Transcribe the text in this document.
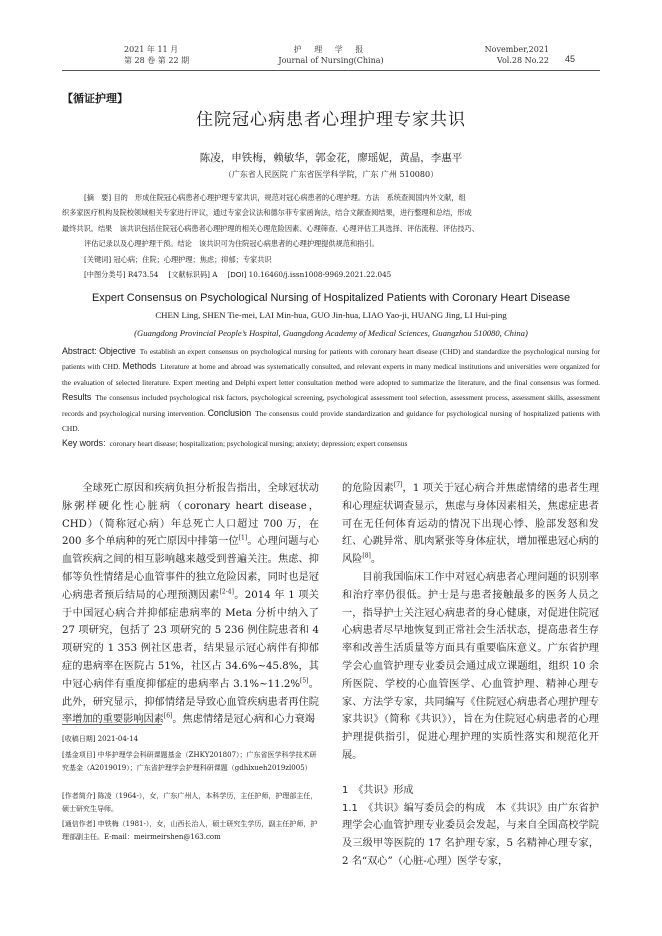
2021 年 11 月
第 28 卷 第 22 期
护 理 学 报
Journal of Nursing(China)
November,2021
Vol.28 No.22 45
【循证护理】
住院冠心病患者心理护理专家共识
陈凌，申铁梅，赖敏华，郭金花，廖瑶妮，黄晶，李惠平
（广东省人民医院 广东省医学科学院，广东 广州 510080）
[摘　要] 目的　形成住院冠心病患者心理护理专家共识，规范对冠心病患者的心理护理。方法　系统查阅国内外文献，组
织多家医疗机构及院校领域相关专家进行评议，通过专家会议法和德尔菲专家函询法，结合文献查阅结果，进行整理和总结，形成
最终共识。结果　该共识包括住院冠心病患者心理护理的相关心理危险因素、心理筛查、心理评估工具选择、评估流程、评估技巧、
评估记录以及心理护理干预。结论　该共识可为住院冠心病患者的心理护理提供规范和指引。
[关键词] 冠心病；住院；心理护理；焦虑；抑郁；专家共识
[中图分类号] R473.54 [文献标识码] A [DOI] 10.16460/j.issn1008-9969.2021.22.045
Expert Consensus on Psychological Nursing of Hospitalized Patients with Coronary Heart Disease
CHEN Ling, SHEN Tie-mei, LAI Min-hua, GUO Jin-hua, LIAO Yao-ji, HUANG Jing, LI Hui-ping
(Guangdong Provincial People’s Hospital, Guangdong Academy of Medical Sciences, Guangzhou 510080, China)
Abstract: Objective To establish an expert consensus on psychological nursing for patients with coronary heart disease (CHD) and standardize the psychological nursing for patients with CHD. Methods Literature at home and abroad was systematically consulted, and relevant experts in many medical institutions and universities were organized for the evaluation of selected literature. Expert meeting and Delphi expert letter consultation method were adopted to summarize the literature, and the final consensus was formed. Results The consensus included psychological risk factors, psychological screening, psychological assessment tool selection, assessment process, assessment skills, assessment records and psychological nursing intervention. Conclusion The consensus could provide standardization and guidance for psychological nursing of hospitalized patients with CHD.
Key words: coronary heart disease; hospitalization; psychological nursing; anxiety; depression; expert consensus

全球死亡原因和疾病负担分析报告指出，全球冠状动脉粥样硬化性心脏病（coronary heart disease，CHD）（简称冠心病）年总死亡人口超过 700 万，在 200 多个单病种的死亡原因中排第一位[1]。心理问题与心血管疾病之间的相互影响越来越受到普遍关注。焦虑、抑郁等负性情绪是心血管事件的独立危险因素，同时也是冠心病患者预后结局的心理预测因素[2-4]。2014 年 1 项关于中国冠心病合并抑郁症患病率的 Meta 分析中纳入了 27 项研究，包括了 23 项研究的 5 236 例住院患者和 4 项研究的 1 353 例社区患者，结果显示冠心病伴有抑郁症的患病率在医院占 51%，社区占 34.6%~45.8%，其中冠心病伴有重度抑郁症的患病率占 3.1%~11.2%[5]。此外，研究显示，抑郁情绪是导致心血管疾病患者再住院率增加的重要影响因素[6]。焦虑情绪是冠心病和心力衰竭

[收稿日期] 2021-04-14
[基金项目] 中华护理学会科研课题基金（ZHKY201807）；广东省医学科学技术研究基金（A2019019）；广东省护理学会护理科研课题（gdhlxueh2019zl005）
[作者简介] 陈凌（1964-），女，广东广州人，本科学历，主任护师，护理部主任，硕士研究生导师。
[通信作者] 申铁梅（1981-），女，山西长治人，硕士研究生学历，副主任护师，护理部副主任。E-mail：meirmeirshen@163.com

的危险因素[7]，1 项关于冠心病合并焦虑情绪的患者生理和心理症状调查显示，焦虑与身体因素相关，焦虑症患者可在无任何体育运动的情况下出现心悸、脸部发怒和发红、心跳异常、肌肉紧张等身体症状，增加罹患冠心病的风险[8]。

目前我国临床工作中对冠心病患者心理问题的识别率和治疗率仍很低。护士是与患者接触最多的医务人员之一，指导护士关注冠心病患者的身心健康，对促进住院冠心病患者尽早地恢复到正常社会生活状态，提高患者生存率和改善生活质量等方面具有重要临床意义。广东省护理学会心血管护理专业委员会通过成立课题组，组织 10 余所医院、学校的心血管医学、心血管护理、精神心理专家、方法学专家，共同编写《住院冠心病患者心理护理专家共识》（简称《共识》），旨在为住院冠心病患者的心理护理提供指引，促进心理护理的实质性落实和规范化开展。

1　《共识》形成

1.1　《共识》编写委员会的构成　 本《共识》由广东省护理学会心血管护理专业委员会发起，与来自全国高校学院及三级甲等医院的 17 名护理专家，5 名精神心理专家，2 名“双心”（心脏-心理）医学专家，
